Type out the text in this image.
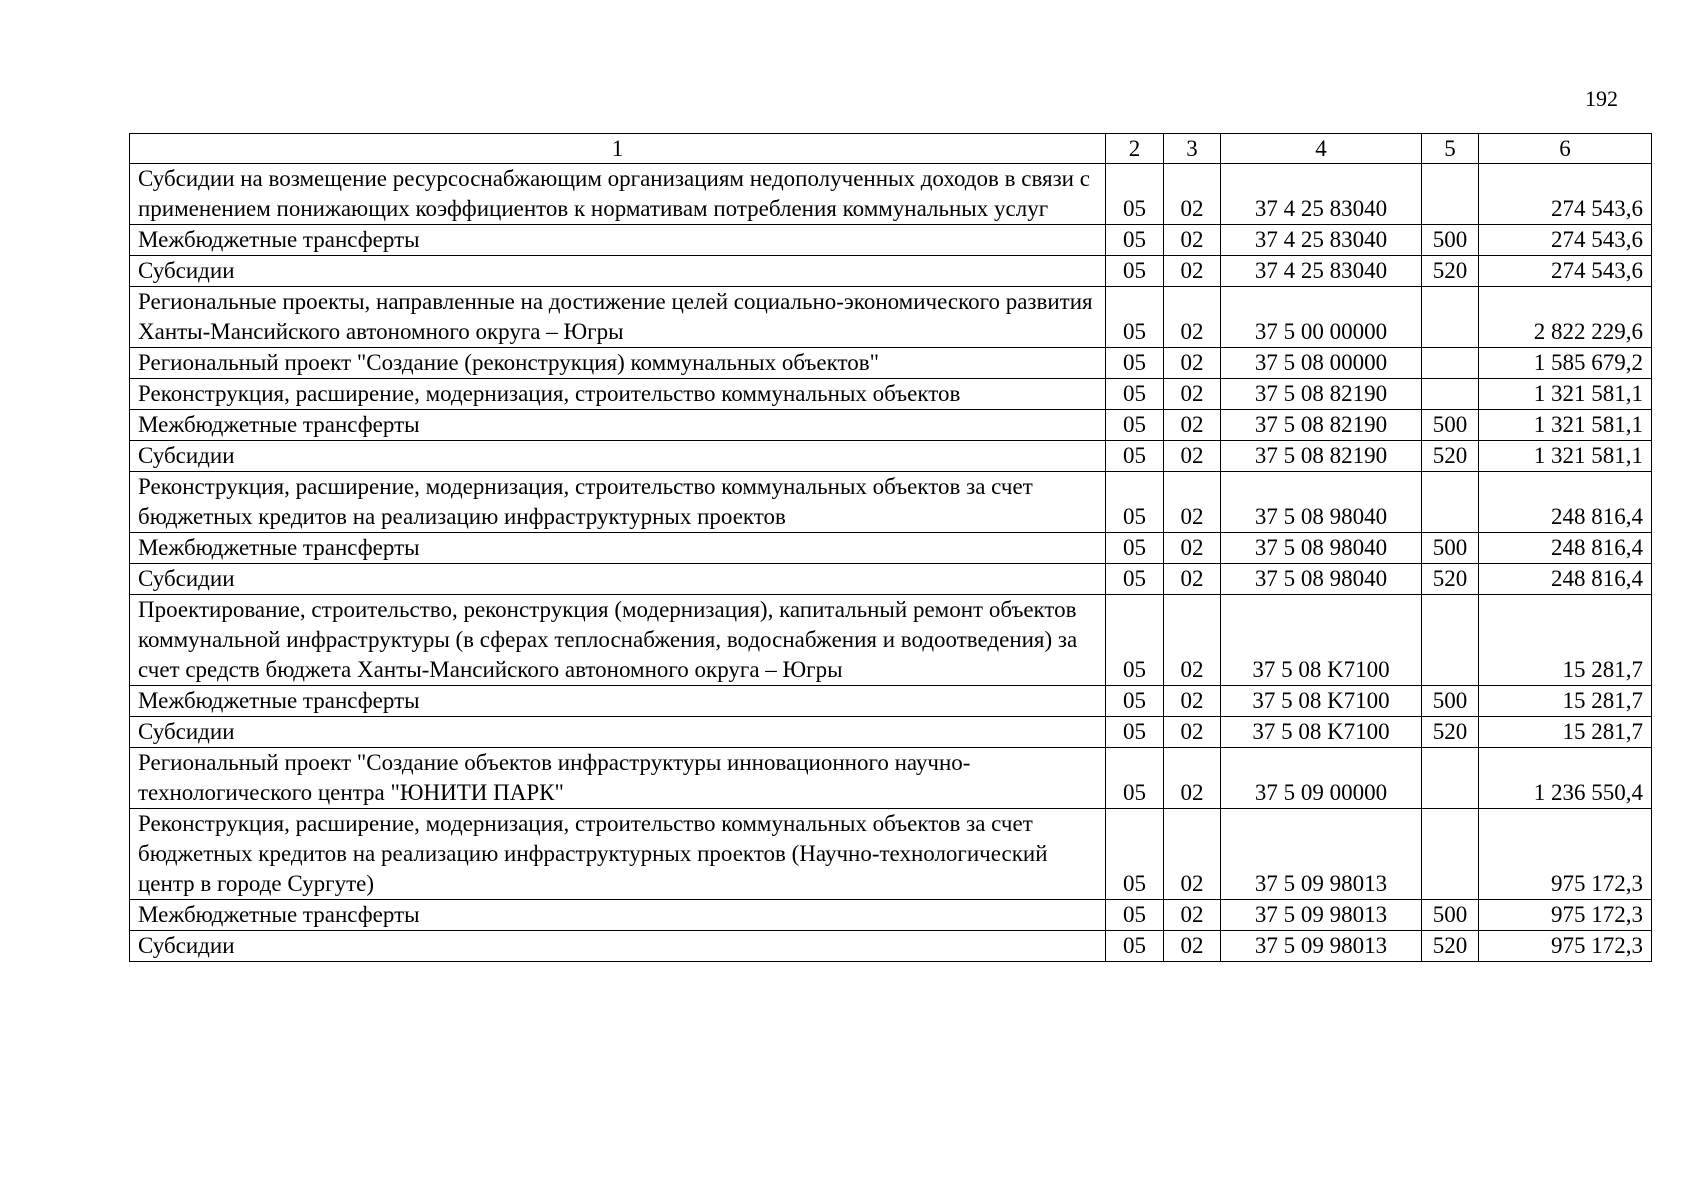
192
1	2	3	4	5	6
Субсидии на возмещение ресурсоснабжающим организациям недополученных доходов в связи с применением понижающих коэффициентов к нормативам потребления коммунальных услуг	05	02	37 4 25 83040		274 543,6
Межбюджетные трансферты	05	02	37 4 25 83040	500	274 543,6
Субсидии	05	02	37 4 25 83040	520	274 543,6
Региональные проекты, направленные на достижение целей социально-экономического развития Ханты-Мансийского автономного округа – Югры	05	02	37 5 00 00000		2 822 229,6
Региональный проект "Создание (реконструкция) коммунальных объектов"	05	02	37 5 08 00000		1 585 679,2
Реконструкция, расширение, модернизация, строительство коммунальных объектов	05	02	37 5 08 82190		1 321 581,1
Межбюджетные трансферты	05	02	37 5 08 82190	500	1 321 581,1
Субсидии	05	02	37 5 08 82190	520	1 321 581,1
Реконструкция, расширение, модернизация, строительство коммунальных объектов за счет бюджетных кредитов на реализацию инфраструктурных проектов	05	02	37 5 08 98040		248 816,4
Межбюджетные трансферты	05	02	37 5 08 98040	500	248 816,4
Субсидии	05	02	37 5 08 98040	520	248 816,4
Проектирование, строительство, реконструкция (модернизация), капитальный ремонт объектов коммунальной инфраструктуры (в сферах теплоснабжения, водоснабжения и водоотведения) за счет средств бюджета Ханты-Мансийского автономного округа – Югры	05	02	37 5 08 K7100		15 281,7
Межбюджетные трансферты	05	02	37 5 08 K7100	500	15 281,7
Субсидии	05	02	37 5 08 K7100	520	15 281,7
Региональный проект "Создание объектов инфраструктуры инновационного научно-технологического центра "ЮНИТИ ПАРК"	05	02	37 5 09 00000		1 236 550,4
Реконструкция, расширение, модернизация, строительство коммунальных объектов за счет бюджетных кредитов на реализацию инфраструктурных проектов (Научно-технологический центр в городе Сургуте)	05	02	37 5 09 98013		975 172,3
Межбюджетные трансферты	05	02	37 5 09 98013	500	975 172,3
Субсидии	05	02	37 5 09 98013	520	975 172,3
